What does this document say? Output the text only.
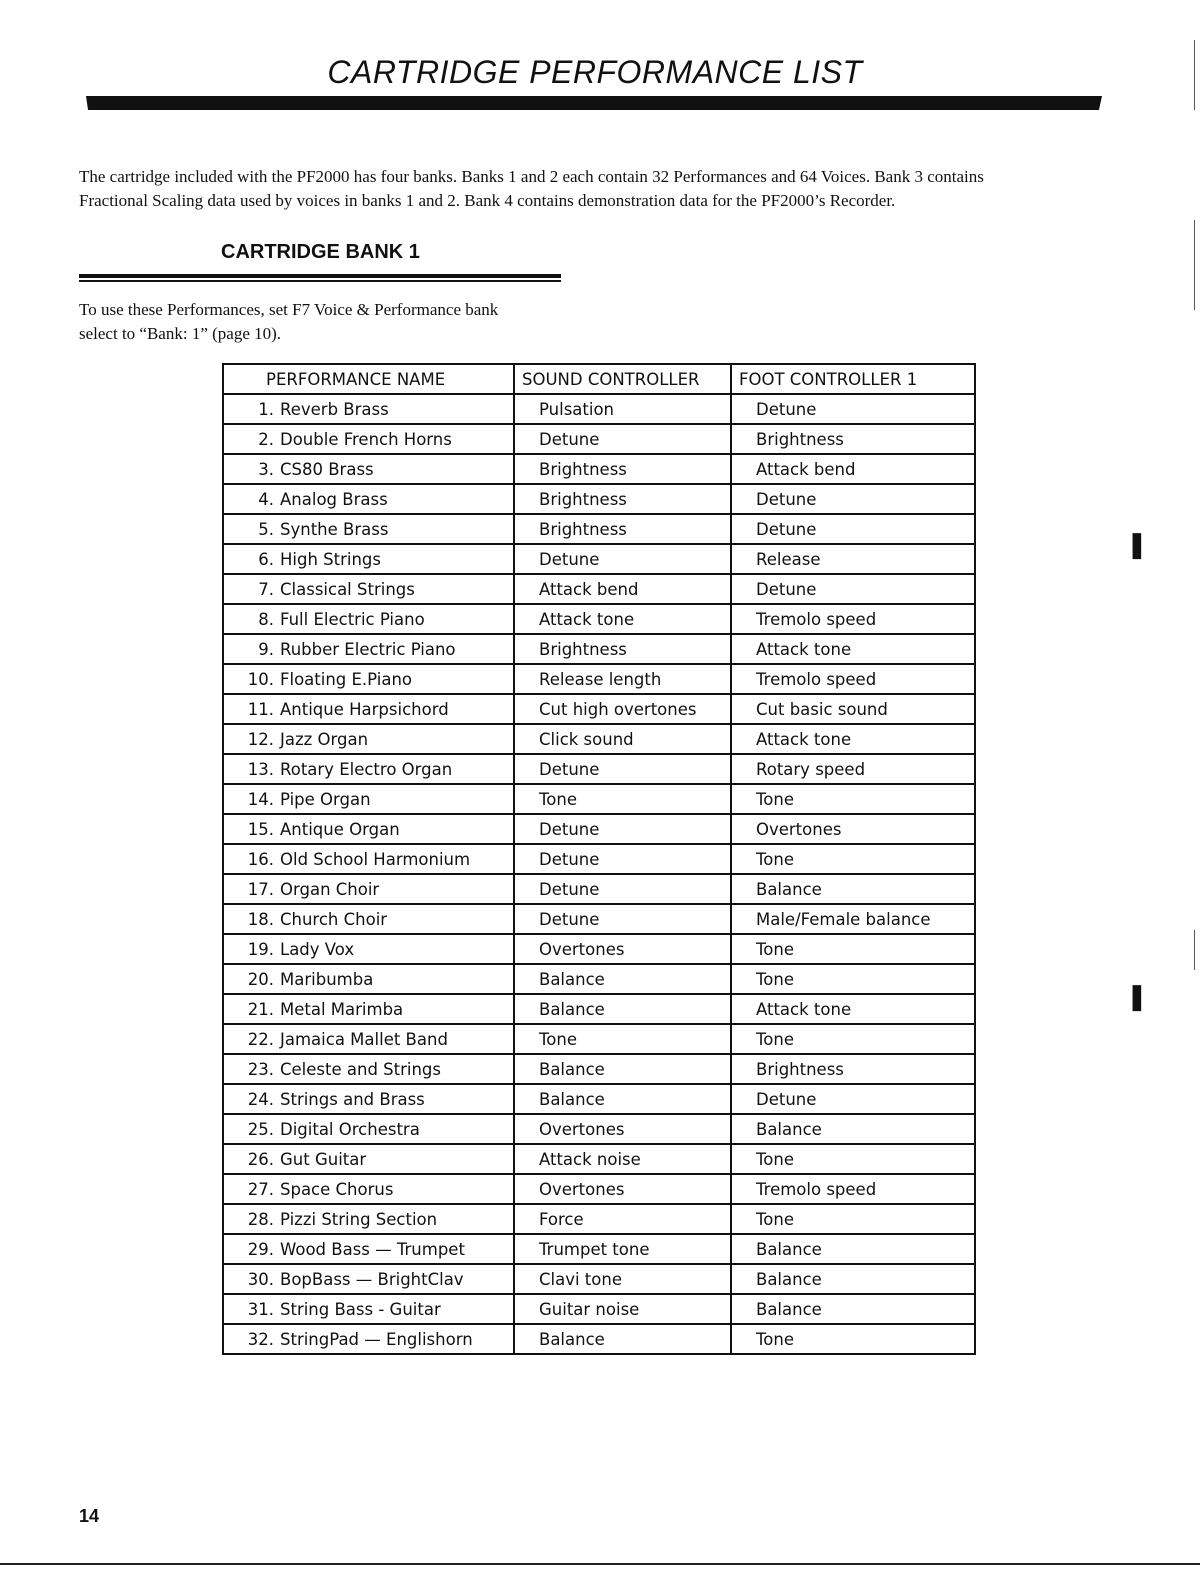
CARTRIDGE PERFORMANCE LIST
The cartridge included with the PF2000 has four banks. Banks 1 and 2 each contain 32 Performances and 64 Voices. Bank 3 contains
Fractional Scaling data used by voices in banks 1 and 2. Bank 4 contains demonstration data for the PF2000’s Recorder.
CARTRIDGE BANK 1
To use these Performances, set F7 Voice & Performance bank
select to “Bank: 1” (page 10).
PERFORMANCE NAME	SOUND CONTROLLER	FOOT CONTROLLER 1
1. Reverb Brass	Pulsation	Detune
2. Double French Horns	Detune	Brightness
3. CS80 Brass	Brightness	Attack bend
4. Analog Brass	Brightness	Detune
5. Synthe Brass	Brightness	Detune
6. High Strings	Detune	Release
7. Classical Strings	Attack bend	Detune
8. Full Electric Piano	Attack tone	Tremolo speed
9. Rubber Electric Piano	Brightness	Attack tone
10. Floating E.Piano	Release length	Tremolo speed
11. Antique Harpsichord	Cut high overtones	Cut basic sound
12. Jazz Organ	Click sound	Attack tone
13. Rotary Electro Organ	Detune	Rotary speed
14. Pipe Organ	Tone	Tone
15. Antique Organ	Detune	Overtones
16. Old School Harmonium	Detune	Tone
17. Organ Choir	Detune	Balance
18. Church Choir	Detune	Male/Female balance
19. Lady Vox	Overtones	Tone
20. Maribumba	Balance	Tone
21. Metal Marimba	Balance	Attack tone
22. Jamaica Mallet Band	Tone	Tone
23. Celeste and Strings	Balance	Brightness
24. Strings and Brass	Balance	Detune
25. Digital Orchestra	Overtones	Balance
26. Gut Guitar	Attack noise	Tone
27. Space Chorus	Overtones	Tremolo speed
28. Pizzi String Section	Force	Tone
29. Wood Bass — Trumpet	Trumpet tone	Balance
30. BopBass — BrightClav	Clavi tone	Balance
31. String Bass - Guitar	Guitar noise	Balance
32. StringPad — Englishorn	Balance	Tone
14
❚
❚
